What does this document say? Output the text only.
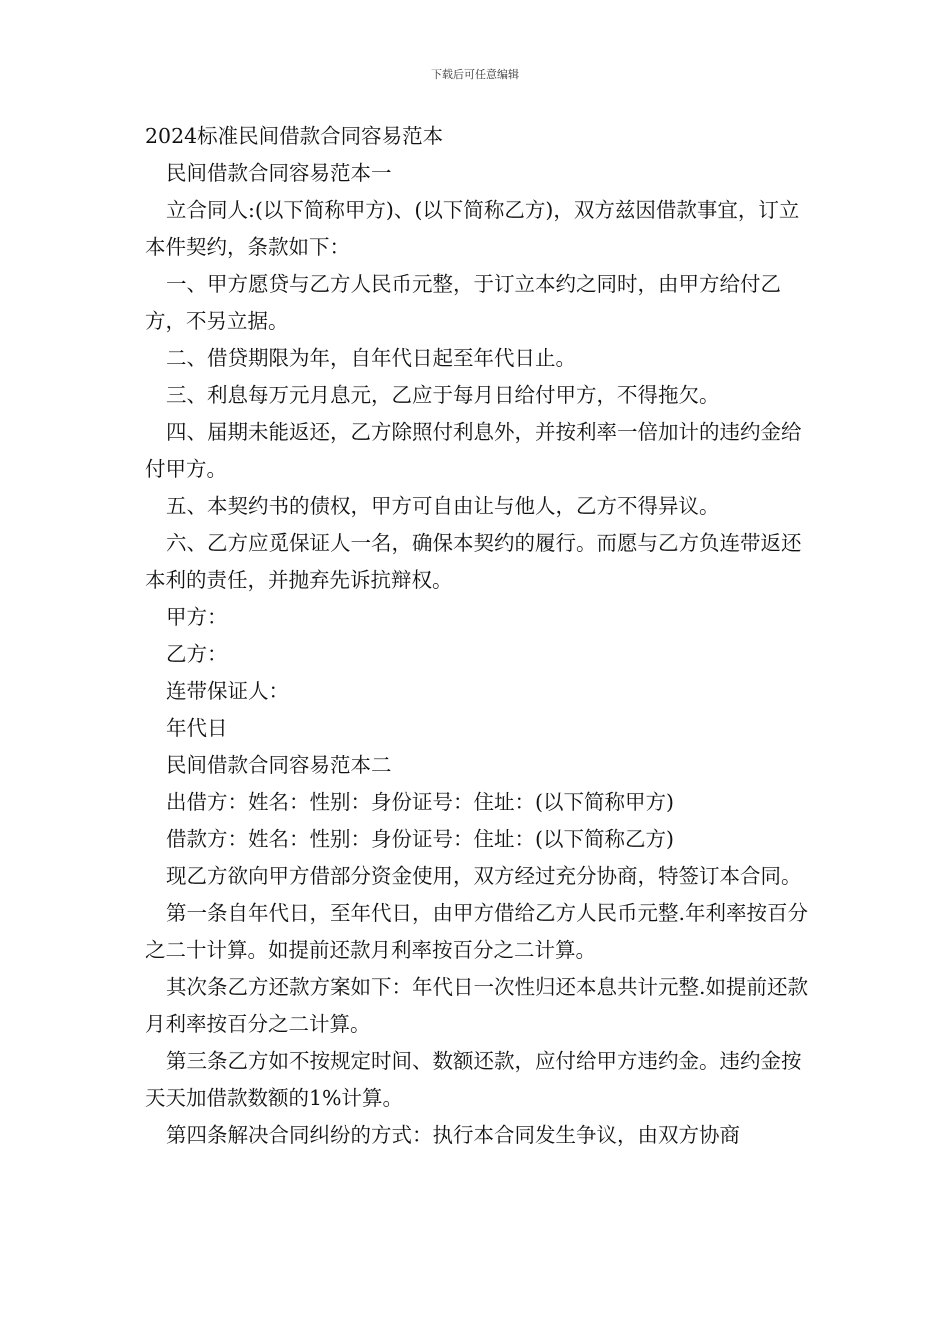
下载后可任意编辑

2024标准民间借款合同容易范本

民间借款合同容易范本一

立合同人:(以下简称甲方)、(以下简称乙方)，双方兹因借款事宜，订立本件契约，条款如下：

一、甲方愿贷与乙方人民币元整，于订立本约之同时，由甲方给付乙方，不另立据。

二、借贷期限为年，自年代日起至年代日止。

三、利息每万元月息元，乙应于每月日给付甲方，不得拖欠。

四、届期未能返还，乙方除照付利息外，并按利率一倍加计的违约金给付甲方。

五、本契约书的债权，甲方可自由让与他人，乙方不得异议。

六、乙方应觅保证人一名，确保本契约的履行。而愿与乙方负连带返还本利的责任，并抛弃先诉抗辩权。

甲方：

乙方：

连带保证人：

年代日

民间借款合同容易范本二

出借方：姓名：性别：身份证号：住址：(以下简称甲方)

借款方：姓名：性别：身份证号：住址：(以下简称乙方)

现乙方欲向甲方借部分资金使用，双方经过充分协商，特签订本合同。

第一条自年代日，至年代日，由甲方借给乙方人民币元整.年利率按百分之二十计算。如提前还款月利率按百分之二计算。

其次条乙方还款方案如下：年代日一次性归还本息共计元整.如提前还款月利率按百分之二计算。

第三条乙方如不按规定时间、数额还款，应付给甲方违约金。违约金按天天加借款数额的1%计算。

第四条解决合同纠纷的方式：执行本合同发生争议，由双方协商
